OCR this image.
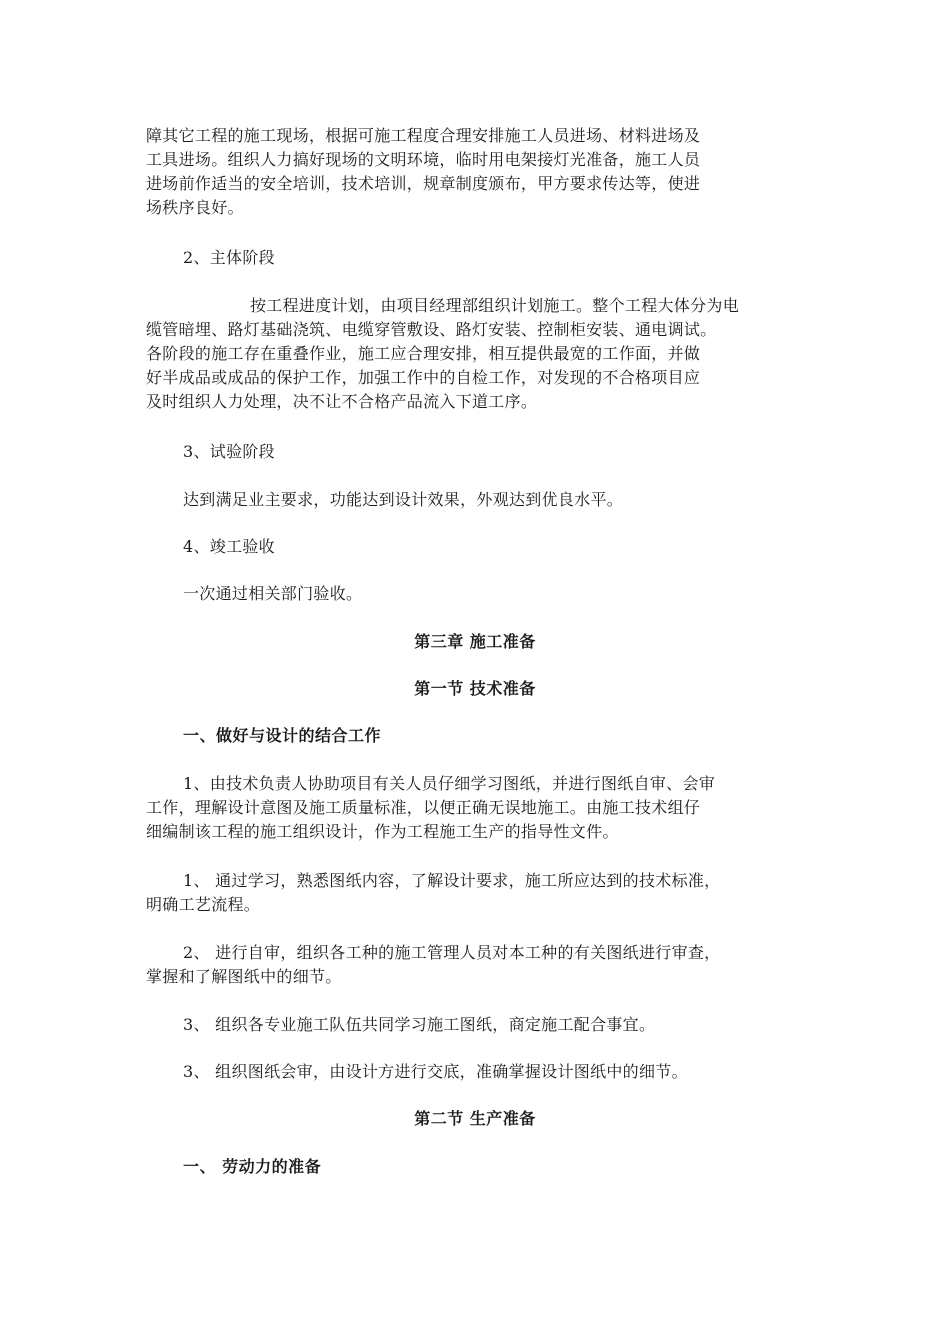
障其它工程的施工现场，根据可施工程度合理安排施工人员进场、材料进场及
工具进场。组织人力搞好现场的文明环境，临时用电架接灯光准备，施工人员
进场前作适当的安全培训，技术培训，规章制度颁布，甲方要求传达等，使进
场秩序良好。
2、主体阶段
按工程进度计划，由项目经理部组织计划施工。整个工程大体分为电
缆管暗埋、路灯基础浇筑、电缆穿管敷设、路灯安装、控制柜安装、通电调试。
各阶段的施工存在重叠作业，施工应合理安排，相互提供最宽的工作面，并做
好半成品或成品的保护工作，加强工作中的自检工作，对发现的不合格项目应
及时组织人力处理，决不让不合格产品流入下道工序。
3、试验阶段
达到满足业主要求，功能达到设计效果，外观达到优良水平。
4、竣工验收
一次通过相关部门验收。
第三章 施工准备
第一节 技术准备
一、做好与设计的结合工作
1、由技术负责人协助项目有关人员仔细学习图纸，并进行图纸自审、会审
工作，理解设计意图及施工质量标准，以便正确无误地施工。由施工技术组仔
细编制该工程的施工组织设计，作为工程施工生产的指导性文件。
1、 通过学习，熟悉图纸内容，了解设计要求，施工所应达到的技术标准，
明确工艺流程。
2、 进行自审，组织各工种的施工管理人员对本工种的有关图纸进行审查，
掌握和了解图纸中的细节。
3、 组织各专业施工队伍共同学习施工图纸，商定施工配合事宜。
3、 组织图纸会审，由设计方进行交底，准确掌握设计图纸中的细节。
第二节 生产准备
一、 劳动力的准备
